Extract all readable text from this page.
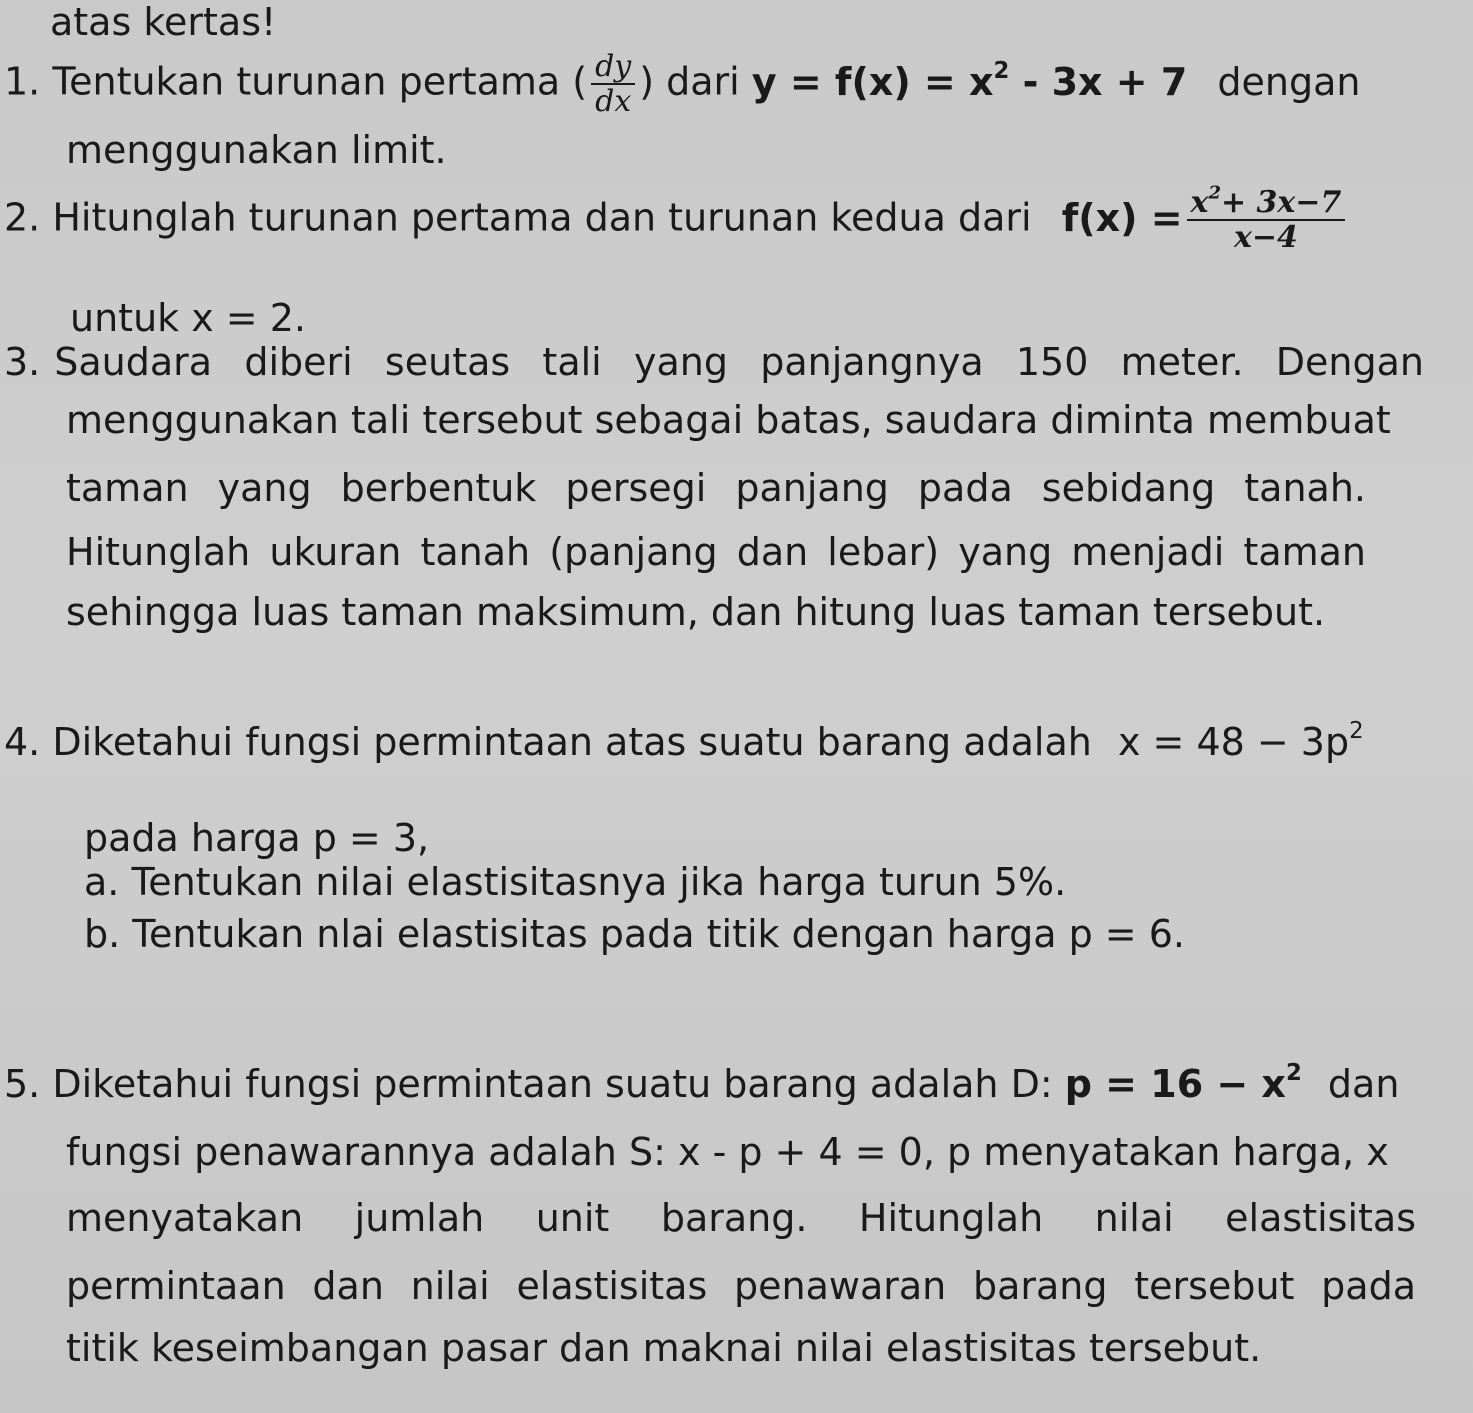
atas kertas!
1. Tentukan turunan pertama ( $\frac{dy}{dx}$ ) dari $y = f(x) = x^2 - 3x + 7$ dengan
menggunakan limit.
2. Hitunglah turunan pertama dan turunan kedua dari $f(x) = \frac{x^2+ 3x-7}{x-4}$
untuk x = 2.
3. Saudara diberi seutas tali yang panjangnya 150 meter. Dengan
menggunakan tali tersebut sebagai batas, saudara diminta membuat
taman yang berbentuk persegi panjang pada sebidang tanah.
Hitunglah ukuran tanah (panjang dan lebar) yang menjadi taman
sehingga luas taman maksimum, dan hitung luas taman tersebut.
4. Diketahui fungsi permintaan atas suatu barang adalah $x = 48 - 3p^2$
pada harga p = 3,
a. Tentukan nilai elastisitasnya jika harga turun 5%.
b. Tentukan nlai elastisitas pada titik dengan harga p = 6.
5. Diketahui fungsi permintaan suatu barang adalah D: $p = 16 - x^2$ dan
fungsi penawarannya adalah S: x - p + 4 = 0, p menyatakan harga, x
menyatakan jumlah unit barang. Hitunglah nilai elastisitas
permintaan dan nilai elastisitas penawaran barang tersebut pada
titik keseimbangan pasar dan maknai nilai elastisitas tersebut.
